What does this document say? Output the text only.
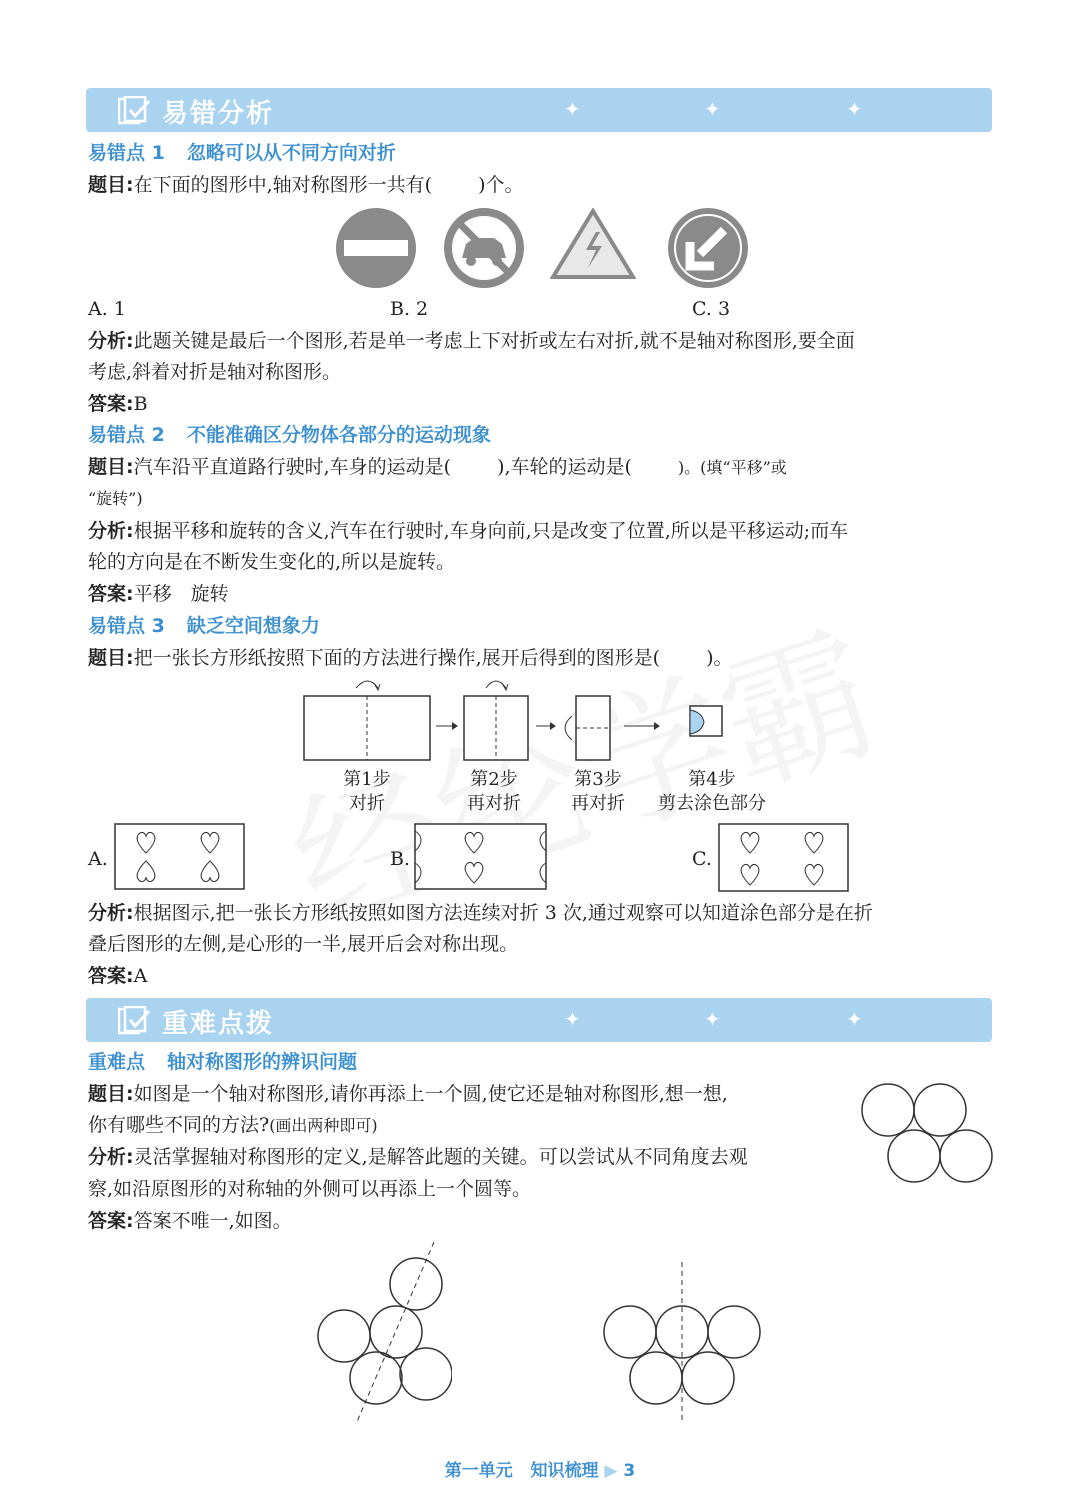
易错分析	✦	✦	✦
易错点 1 忽略可以从不同方向对折
题目:在下面的图形中,轴对称图形一共有( )个。
A. 1	B. 2	C. 3
分析:此题关键是最后一个图形,若是单一考虑上下对折或左右对折,就不是轴对称图形,要全面
考虑,斜着对折是轴对称图形。
答案:B
易错点 2 不能准确区分物体各部分的运动现象
题目:汽车沿平直道路行驶时,车身的运动是( ),车轮的运动是(	)。(填“平移”或
“旋转”)
分析:根据平移和旋转的含义,汽车在行驶时,车身向前,只是改变了位置,所以是平移运动;而车
轮的方向是在不断发生变化的,所以是旋转。
答案:平移　旋转
易错点 3 缺乏空间想象力
题目:把一张长方形纸按照下面的方法进行操作,展开后得到的图形是( )。
第1步
对折
第2步
再对折
第3步
再对折
第4步
剪去涂色部分
A.	B.	C.
分析:根据图示,把一张长方形纸按照如图方法连续对折 3 次,通过观察可以知道涂色部分是在折
叠后图形的左侧,是心形的一半,展开后会对称出现。
答案:A
重难点拨	✦	✦	✦
重难点 轴对称图形的辨识问题
题目:如图是一个轴对称图形,请你再添上一个圆,使它还是轴对称图形,想一想,
你有哪些不同的方法?(画出两种即可)
分析:灵活掌握轴对称图形的定义,是解答此题的关键。可以尝试从不同角度去观
察,如沿原图形的对称轴的外侧可以再添上一个圆等。
答案:答案不唯一,如图。
第一单元 知识梳理 ▶ 3
